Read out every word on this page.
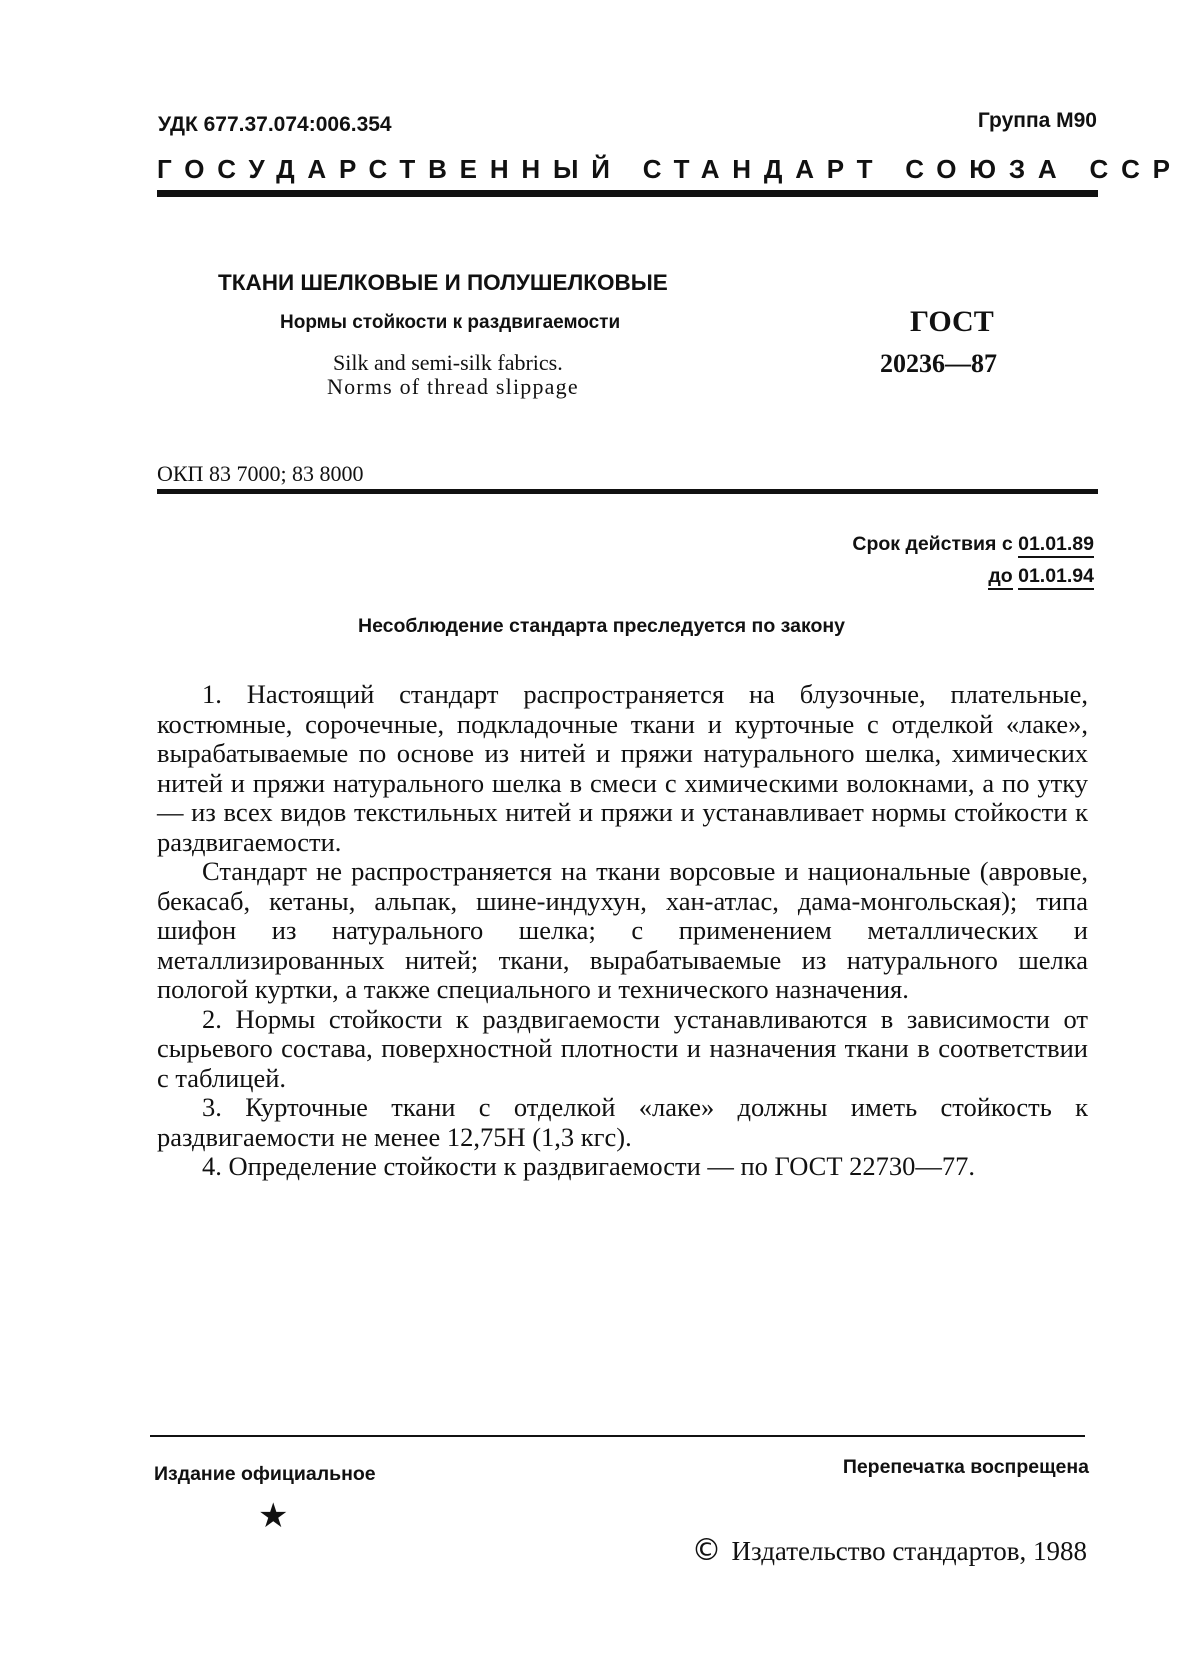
УДК 677.37.074:006.354	Группа М90
ГОСУДАРСТВЕННЫЙ СТАНДАРТ СОЮЗА ССР
ТКАНИ ШЕЛКОВЫЕ И ПОЛУШЕЛКОВЫЕ
Нормы стойкости к раздвигаемости
Silk and semi-silk fabrics.
Norms of thread slippage
ГОСТ
20236—87
ОКП 83 7000; 83 8000
Срок действия с 01.01.89
до 01.01.94
Несоблюдение стандарта преследуется по закону

1. Настоящий стандарт распространяется на блузочные, плательные, костюмные, сорочечные, подкладочные ткани и курточные с отделкой «лаке», вырабатываемые по основе из нитей и пряжи натурального шелка, химических нитей и пряжи натурального шелка в смеси с химическими волокнами, а по утку — из всех видов текстильных нитей и пряжи и устанавливает нормы стойкости к раздвигаемости.

Стандарт не распространяется на ткани ворсовые и национальные (авровые, бекасаб, кетаны, альпак, шине-индухун, хан-атлас, дама-монгольская); типа шифон из натурального шелка; с применением металлических и металлизированных нитей; ткани, вырабатываемые из натурального шелка пологой куртки, а также специального и технического назначения.

2. Нормы стойкости к раздвигаемости устанавливаются в зависимости от сырьевого состава, поверхностной плотности и назначения ткани в соответствии с таблицей.

3. Курточные ткани с отделкой «лаке» должны иметь стойкость к раздвигаемости не менее 12,75Н (1,3 кгс).

4. Определение стойкости к раздвигаемости — по ГОСТ 22730—77.

Издание официальное	Перепечатка воспрещена
★
© Издательство стандартов, 1988
